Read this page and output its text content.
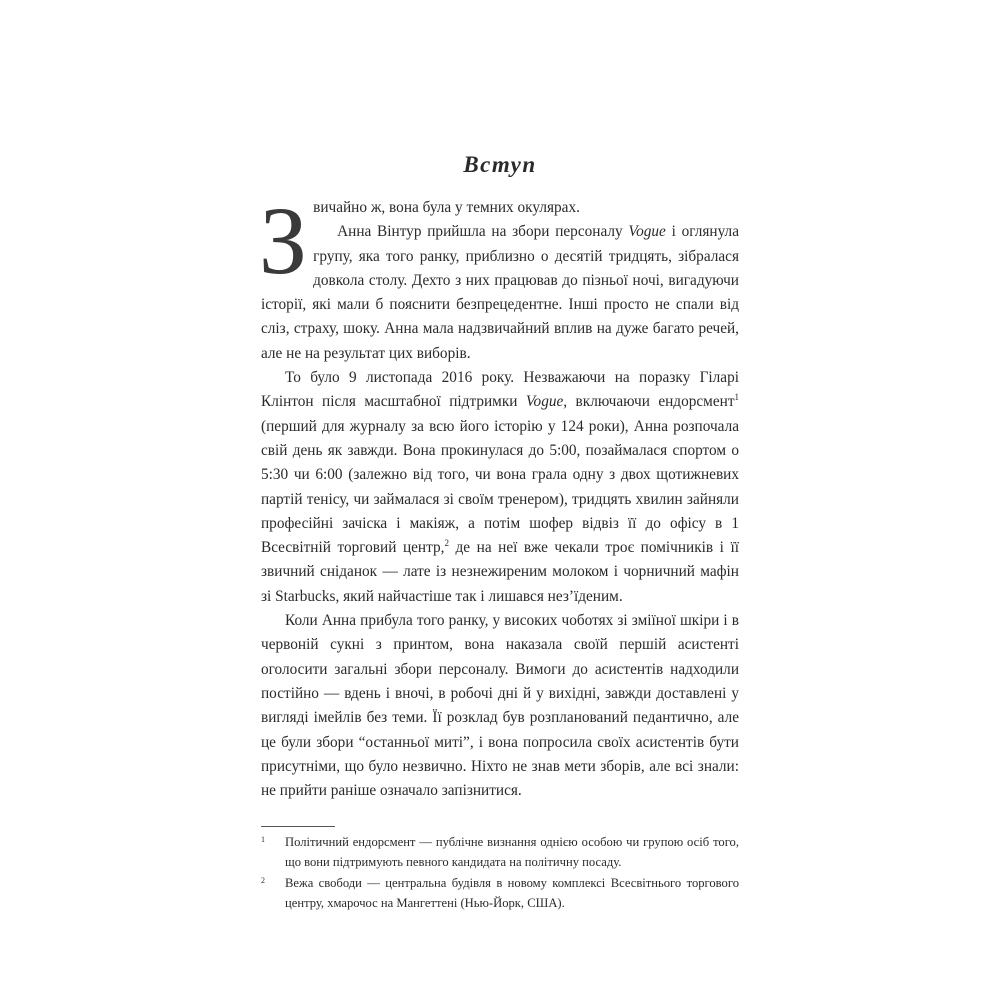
Вступ

Звичайно ж, вона була у темних окулярах.

Анна Вінтур прийшла на збори персоналу Vogue і оглянула групу, яка того ранку, приблизно о десятій тридцять, зібралася довкола столу. Дехто з них працював до пізньої ночі, вигадуючи історії, які мали б пояснити безпрецедентне. Інші просто не спали від сліз, страху, шоку. Анна мала надзвичайний вплив на дуже багато речей, але не на результат цих виборів.

То було 9 листопада 2016 року. Незважаючи на поразку Гіларі Клінтон після масштабної підтримки Vogue, включаючи ендорсмент$^1$ (перший для журналу за всю його історію у 124 роки), Анна розпочала свій день як завжди. Вона прокинулася до 5:00, позаймалася спортом о 5:30 чи 6:00 (залежно від того, чи вона грала одну з двох щотижневих партій тенісу, чи займалася зі своїм тренером), тридцять хвилин зайняли професійні зачіска і макіяж, а потім шофер відвіз її до офісу в 1 Всесвітній торговий центр,$^2$ де на неї вже чекали троє помічників і її звичний сніданок — лате із незнежиреним молоком і чорничний мафін зі Starbucks, який найчастіше так і лишався нез’їденим.

Коли Анна прибула того ранку, у високих чоботях зі зміїної шкіри і в червоній сукні з принтом, вона наказала своїй першій асистенті оголосити загальні збори персоналу. Вимоги до асистентів надходили постійно — вдень і вночі, в робочі дні й у вихідні, завжди доставлені у вигляді імейлів без теми. Її розклад був розпланований педантично, але це були збори “останньої миті”, і вона попросила своїх асистентів бути присутніми, що було незвично. Ніхто не знав мети зборів, але всі знали: не прийти раніше означало запізнитися.

1 Політичний ендорсмент — публічне визнання однією особою чи групою осіб того, що вони підтримують певного кандидата на політичну посаду.
2 Вежа свободи — центральна будівля в новому комплексі Всесвітнього торгового центру, хмарочос на Мангеттені (Нью-Йорк, США).
